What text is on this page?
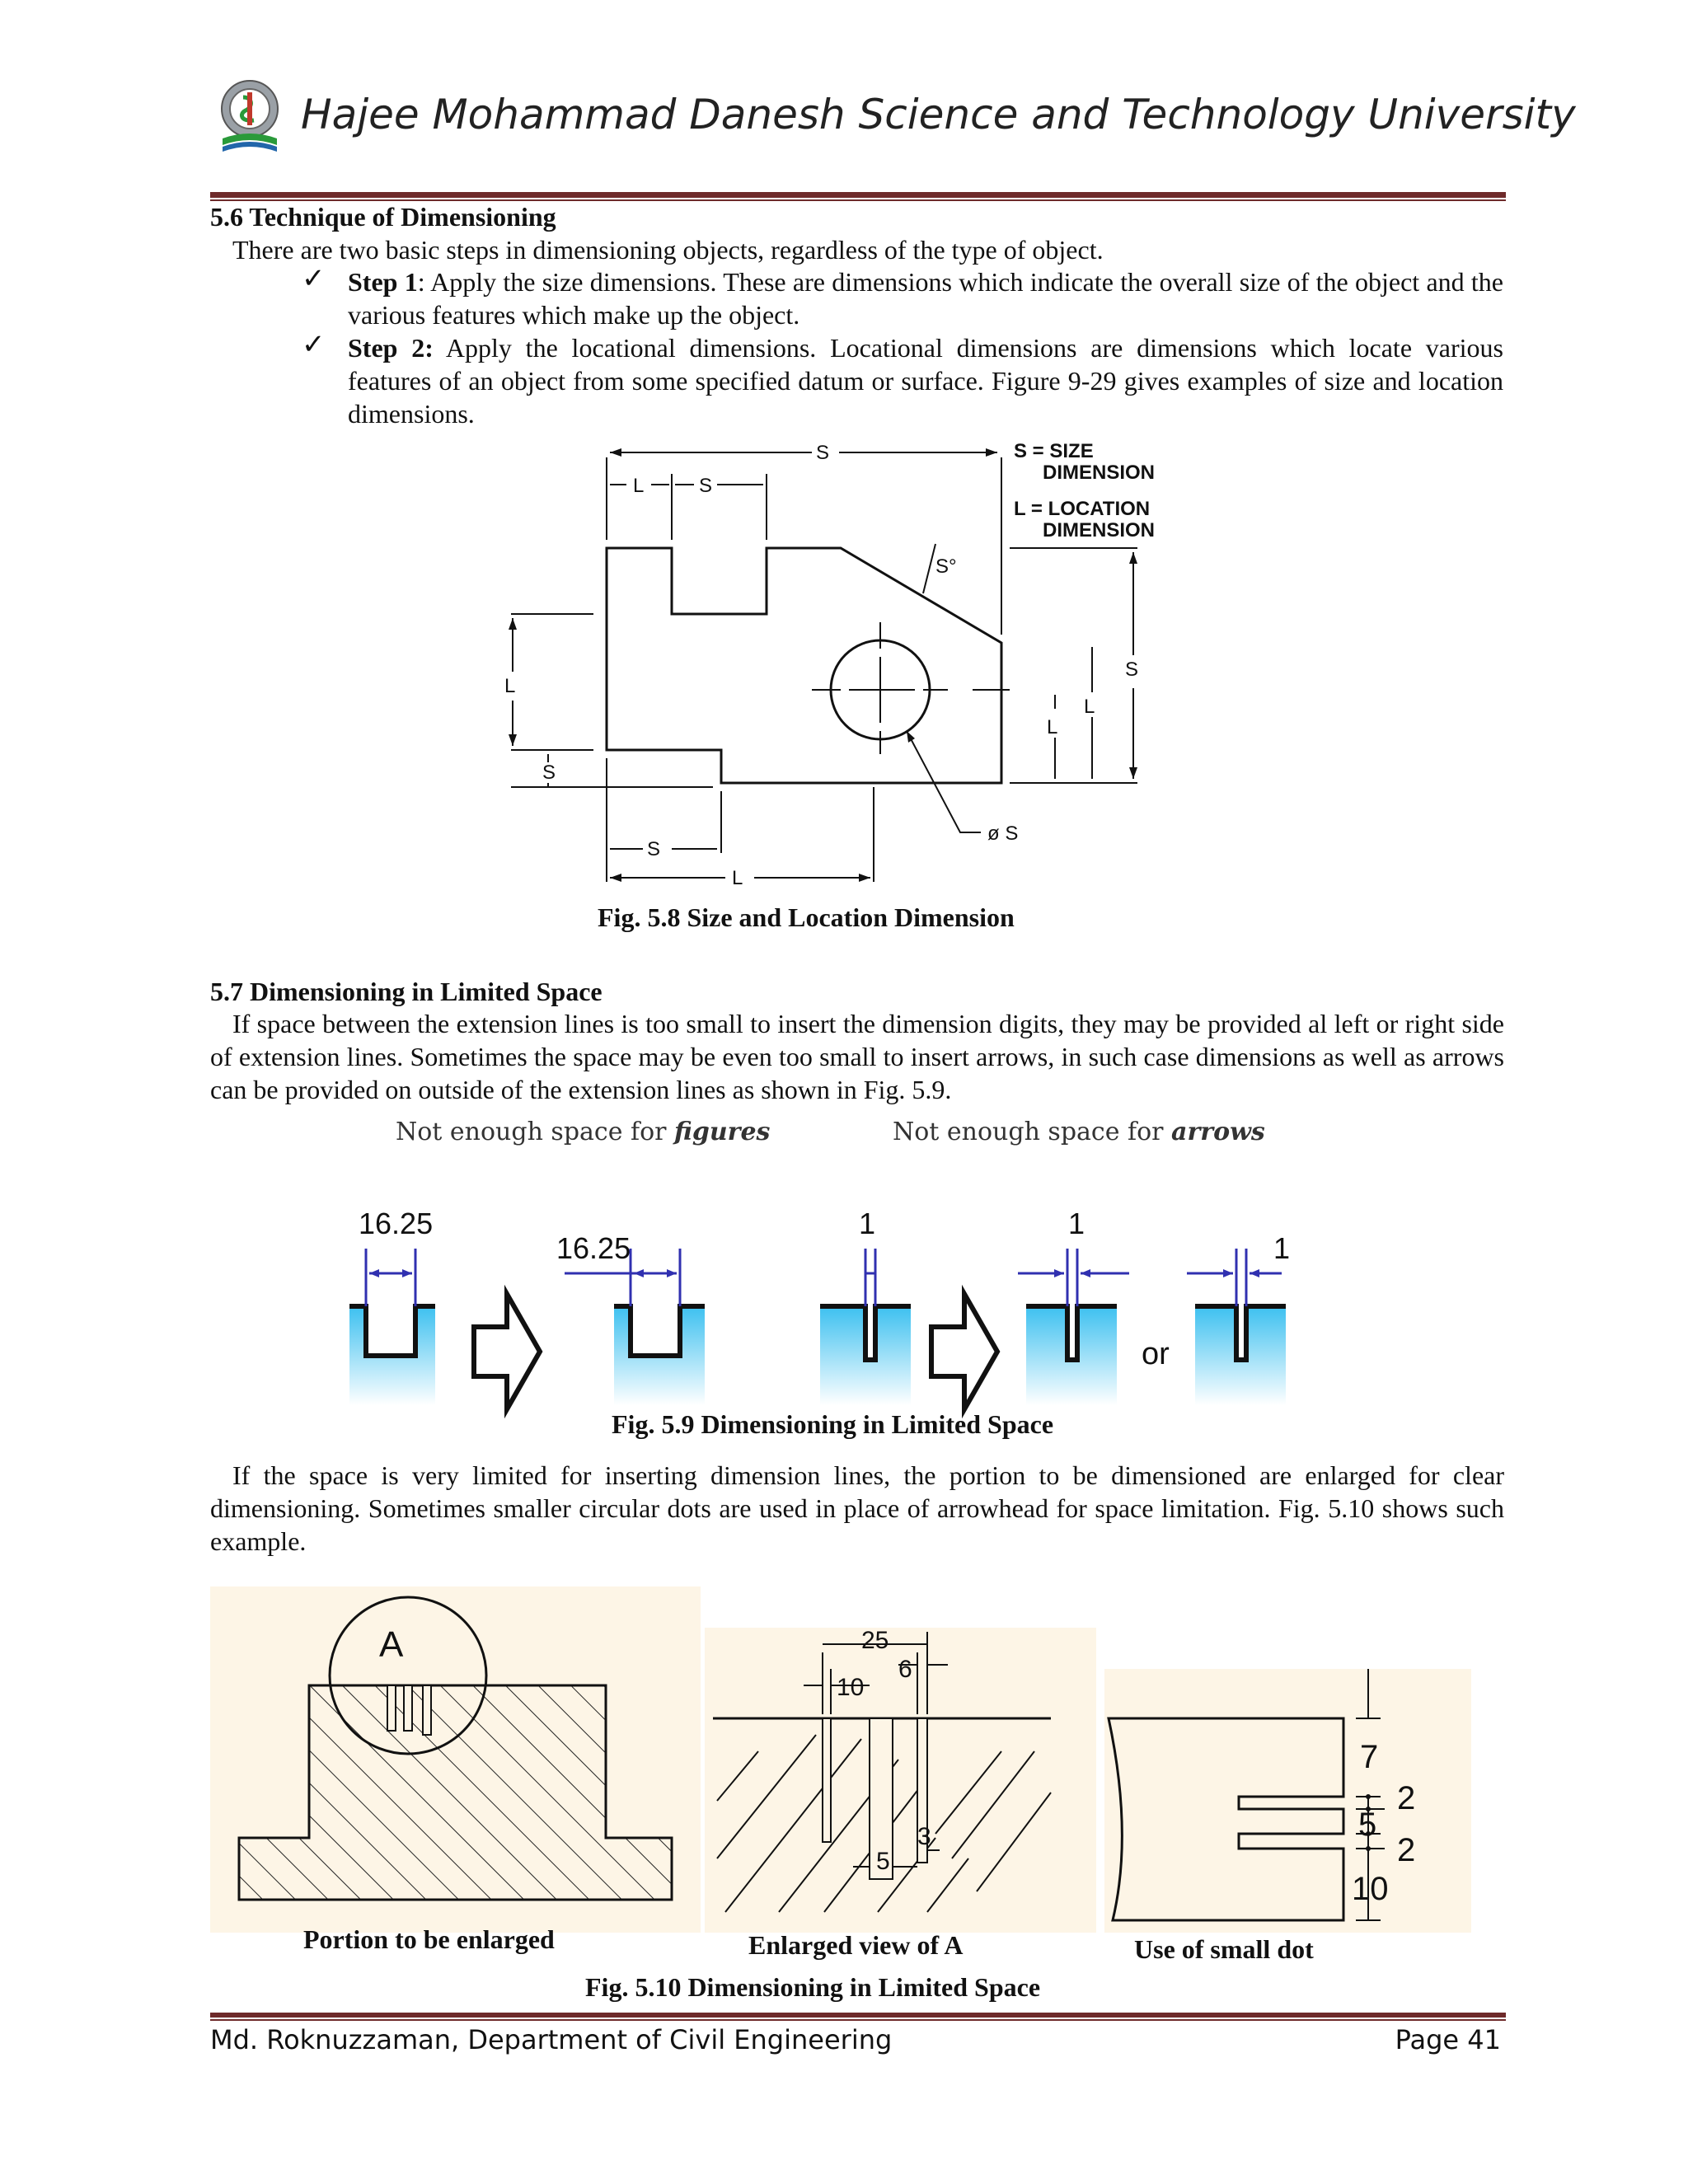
Hajee Mohammad Danesh Science and Technology University
5.6 Technique of Dimensioning
There are two basic steps in dimensioning objects, regardless of the type of object.
✓ Step 1: Apply the size dimensions. These are dimensions which indicate the overall size of the object and the various features which make up the object.
✓ Step 2: Apply the locational dimensions. Locational dimensions are dimensions which locate various features of an object from some specified datum or surface. Figure 9-29 gives examples of size and location dimensions.
S
L	S
S = SIZE
DIMENSION
L = LOCATION
DIMENSION
S°
L
S
S
L
L
S
L
ø S
Fig. 5.8 Size and Location Dimension
5.7 Dimensioning in Limited Space
If space between the extension lines is too small to insert the dimension digits, they may be provided al left or right side of extension lines. Sometimes the space may be even too small to insert arrows, in such case dimensions as well as arrows can be provided on outside of the extension lines as shown in Fig. 5.9.
Not enough space for figures	Not enough space for arrows
16.25
16.25
1	1
or
1
Fig. 5.9 Dimensioning in Limited Space
If the space is very limited for inserting dimension lines, the portion to be dimensioned are enlarged for clear dimensioning. Sometimes smaller circular dots are used in place of arrowhead for space limitation. Fig. 5.10 shows such example.
A	25
6
10
3
5
7
2
5
2
10
Portion to be enlarged	Enlarged view of A	Use of small dot
Fig. 5.10 Dimensioning in Limited Space
Md. Roknuzzaman, Department of Civil Engineering	Page 41
